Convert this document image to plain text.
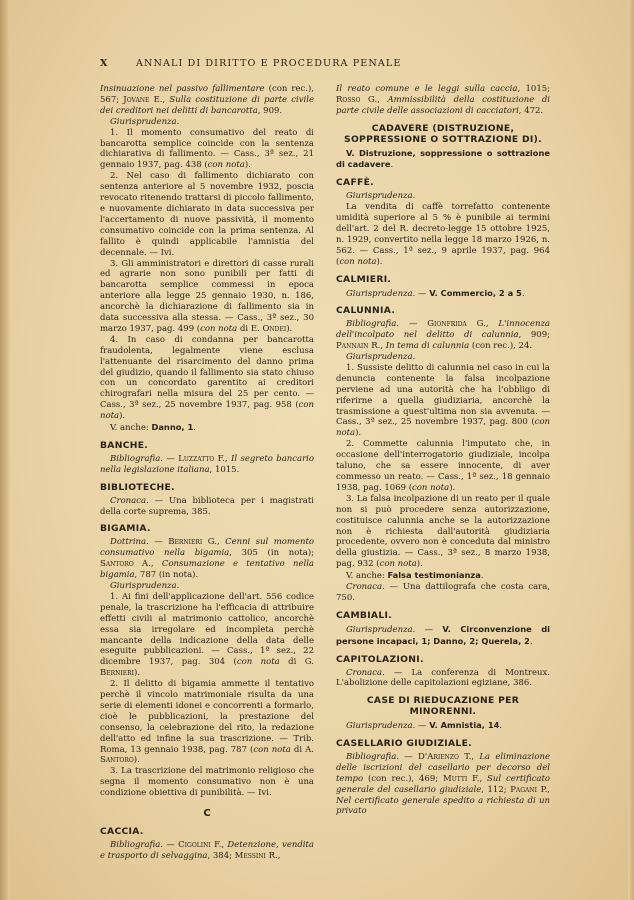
X	ANNALI DI DIRITTO E PROCEDURA PENALE
Insinuazione nel passivo fallimentare (con rec.), 567; Jovane E., Sulla costituzione di parte civile dei creditori nei delitti di bancarotta, 909.
Giurisprudenza.
1. Il momento consumativo del reato di bancarotta semplice coincide con la sentenza dichiarativa di fallimento. — Cass., 3ª sez., 21 gennaio 1937, pag. 438 (con nota).
2. Nel caso di fallimento dichiarato con sentenza anteriore al 5 novembre 1932, poscia revocato ritenendo trattarsi di piccolo fallimento, e nuovamente dichiarato in data successiva per l'accertamento di nuove passività, il momento consumativo coincide con la prima sentenza. Al fallito è quindi applicabile l'amnistia del decennale. — Ivi.
3. Gli amministratori e direttori di casse rurali ed agrarie non sono punibili per fatti di bancarotta semplice commessi in epoca anteriore alla legge 25 gennaio 1930, n. 186, ancorchè la dichiarazione di fallimento sia in data successiva alla stessa. — Cass., 3ª sez., 30 marzo 1937, pag. 499 (con nota di E. Ondei).
4. In caso di condanna per bancarotta fraudolenta, legalmente viene esclusa l'attenuante del risarcimento del danno prima del giudizio, quando il fallimento sia stato chiuso con un concordato garentito ai creditori chirografari nella misura del 25 per cento. — Cass., 3ª sez., 25 novembre 1937, pag. 958 (con nota).
V. anche: Danno, 1.
BANCHE.
Bibliografia. — Luzzatto F., Il segreto bancario nella legislazione italiana, 1015.
BIBLIOTECHE.
Cronaca. — Una biblioteca per i magistrati della corte suprema, 385.
BIGAMIA.
Dottrina. — Bernieri G., Cenni sul momento consumativo nella bigamia, 305 (in nota); Santoro A., Consumazione e tentativo nella bigamia, 787 (in nota).
Giurisprudenza.
1. Ai fini dell'applicazione dell'art. 556 codice penale, la trascrizione ha l'efficacia di attribuire effetti civili al matrimonio cattolico, ancorchè essa sia irregolare ed incompleta perchè mancante della indicazione della data delle eseguite pubblicazioni. — Cass., 1ª sez., 22 dicembre 1937, pag. 304 (con nota di G. Bernieri).
2. Il delitto di bigamia ammette il tentativo perchè il vincolo matrimoniale risulta da una serie di elementi idonei e concorrenti a formarlo, cioè le pubblicazioni, la prestazione del consenso, la celebrazione del rito, la redazione dell'atto ed infine la sua trascrizione. — Trib. Roma, 13 gennaio 1938, pag. 787 (con nota di A. Santoro).
3. La trascrizione del matrimonio religioso che segna il momento consumativo non è una condizione obiettiva di punibilità. — Ivi.
C
CACCIA.
Bibliografia. — Cigolini F., Detenzione, vendita e trasporto di selvaggina, 384; Messini R.,
Il reato comune e le leggi sulla caccia, 1015; Rosso G., Ammissibilità della costituzione di parte civile delle associazioni di cacciatori, 472.
CADAVERE (DISTRUZIONE, SOPPRESSIONE O SOTTRAZIONE DI).
V. Distruzione, soppressione o sottrazione di cadavere.
CAFFÈ.
Giurisprudenza.
La vendita di caffè torrefatto contenente umidità superiore al 5 % è punibile ai termini dell'art. 2 del R. decreto-legge 15 ottobre 1925, n. 1929, convertito nella legge 18 marzo 1926, n. 562. — Cass., 1ª sez., 9 aprile 1937, pag. 964 (con nota).
CALMIERI.
Giurisprudenza. — V. Commercio, 2 a 5.
CALUNNIA.
Bibliografia. — Gionfrida G., L'innocenza dell'incolpato nel delitto di calunnia, 909; Pannain R., In tema di calunnia (con rec.), 24.
Giurisprudenza.
1. Sussiste delitto di calunnia nel caso in cui la denuncia contenente la falsa incolpazione perviene ad una autorità che ha l'obbligo di riferirne a quella giudiziaria, ancorchè la trasmissione a quest'ultima non sia avvenuta. — Cass., 3ª sez., 25 novembre 1937, pag. 800 (con nota).
2. Commette calunnia l'imputato che, in occasione dell'interrogatorio giudiziale, incolpa taluno, che sa essere innocente, di aver commesso un reato. — Cass., 1ª sez., 18 gennaio 1938, pag. 1069 (con nota).
3. La falsa incolpazione di un reato per il quale non si può procedere senza autorizzazione, costituisce calunnia anche se la autorizzazione non è richiesta dall'autorità giudiziaria procedente, ovvero non è conceduta dal ministro della giustizia. — Cass., 3ª sez., 8 marzo 1938, pag. 932 (con nota).
V. anche: Falsa testimonianza.
Cronaca. — Una dattilografa che costa cara, 750.
CAMBIALI.
Giurisprudenza. — V. Circonvenzione di persone incapaci, 1; Danno, 2; Querela, 2.
CAPITOLAZIONI.
Cronaca. — La conferenza di Montreux. L'abolizione delle capitolazioni egiziane, 386.
CASE DI RIEDUCAZIONE PER MINORENNI.
Giurisprudenza. — V. Amnistia, 14.
CASELLARIO GIUDIZIALE.
Bibliografia. — D'Arienzo T., La eliminazione delle iscrizioni del casellario per decorso del tempo (con rec.), 469; Mutti F., Sul certificato generale del casellario giudiziale, 112; Pagani P., Nel certificato generale spedito a richiesta di un privato
